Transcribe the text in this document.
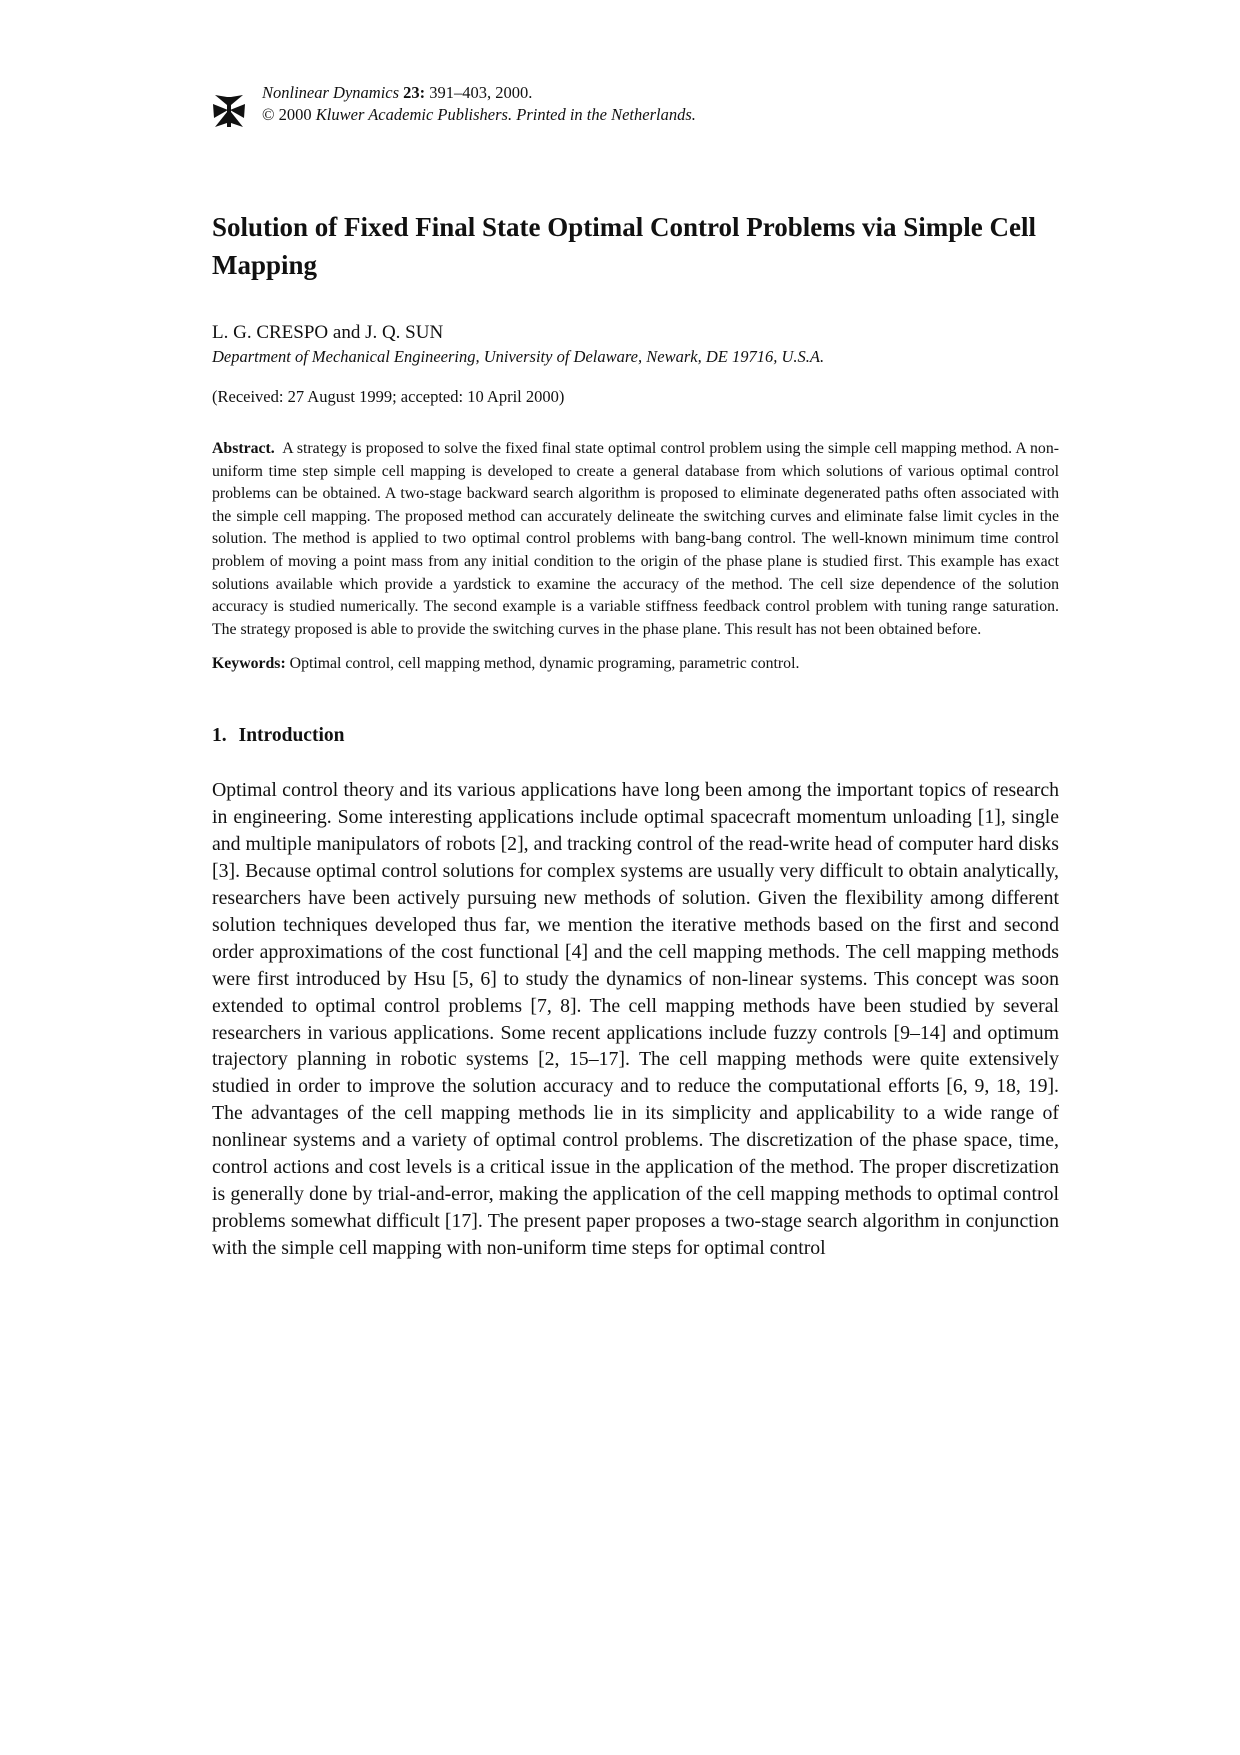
Nonlinear Dynamics 23: 391–403, 2000.
© 2000 Kluwer Academic Publishers. Printed in the Netherlands.
Solution of Fixed Final State Optimal Control Problems via Simple Cell Mapping
L. G. CRESPO and J. Q. SUN
Department of Mechanical Engineering, University of Delaware, Newark, DE 19716, U.S.A.
(Received: 27 August 1999; accepted: 10 April 2000)
Abstract. A strategy is proposed to solve the fixed final state optimal control problem using the simple cell mapping method. A non-uniform time step simple cell mapping is developed to create a general database from which solutions of various optimal control problems can be obtained. A two-stage backward search algorithm is proposed to eliminate degenerated paths often associated with the simple cell mapping. The proposed method can accurately delineate the switching curves and eliminate false limit cycles in the solution. The method is applied to two optimal control problems with bang-bang control. The well-known minimum time control problem of moving a point mass from any initial condition to the origin of the phase plane is studied first. This example has exact solutions available which provide a yardstick to examine the accuracy of the method. The cell size dependence of the solution accuracy is studied numerically. The second example is a variable stiffness feedback control problem with tuning range saturation. The strategy proposed is able to provide the switching curves in the phase plane. This result has not been obtained before.
Keywords: Optimal control, cell mapping method, dynamic programing, parametric control.
1. Introduction
Optimal control theory and its various applications have long been among the important topics of research in engineering. Some interesting applications include optimal spacecraft momentum unloading [1], single and multiple manipulators of robots [2], and tracking control of the read-write head of computer hard disks [3]. Because optimal control solutions for complex systems are usually very difficult to obtain analytically, researchers have been actively pursuing new methods of solution. Given the flexibility among different solution techniques developed thus far, we mention the iterative methods based on the first and second order approximations of the cost functional [4] and the cell mapping methods. The cell mapping methods were first introduced by Hsu [5, 6] to study the dynamics of non-linear systems. This concept was soon extended to optimal control problems [7, 8]. The cell mapping methods have been studied by several researchers in various applications. Some recent applications include fuzzy controls [9–14] and optimum trajectory planning in robotic systems [2, 15–17]. The cell mapping methods were quite extensively studied in order to improve the solution accuracy and to reduce the computational efforts [6, 9, 18, 19]. The advantages of the cell mapping methods lie in its simplicity and applicability to a wide range of nonlinear systems and a variety of optimal control problems. The discretization of the phase space, time, control actions and cost levels is a critical issue in the application of the method. The proper discretization is generally done by trial-and-error, making the application of the cell mapping methods to optimal control problems somewhat difficult [17]. The present paper proposes a two-stage search algorithm in conjunction with the simple cell mapping with non-uniform time steps for optimal control
